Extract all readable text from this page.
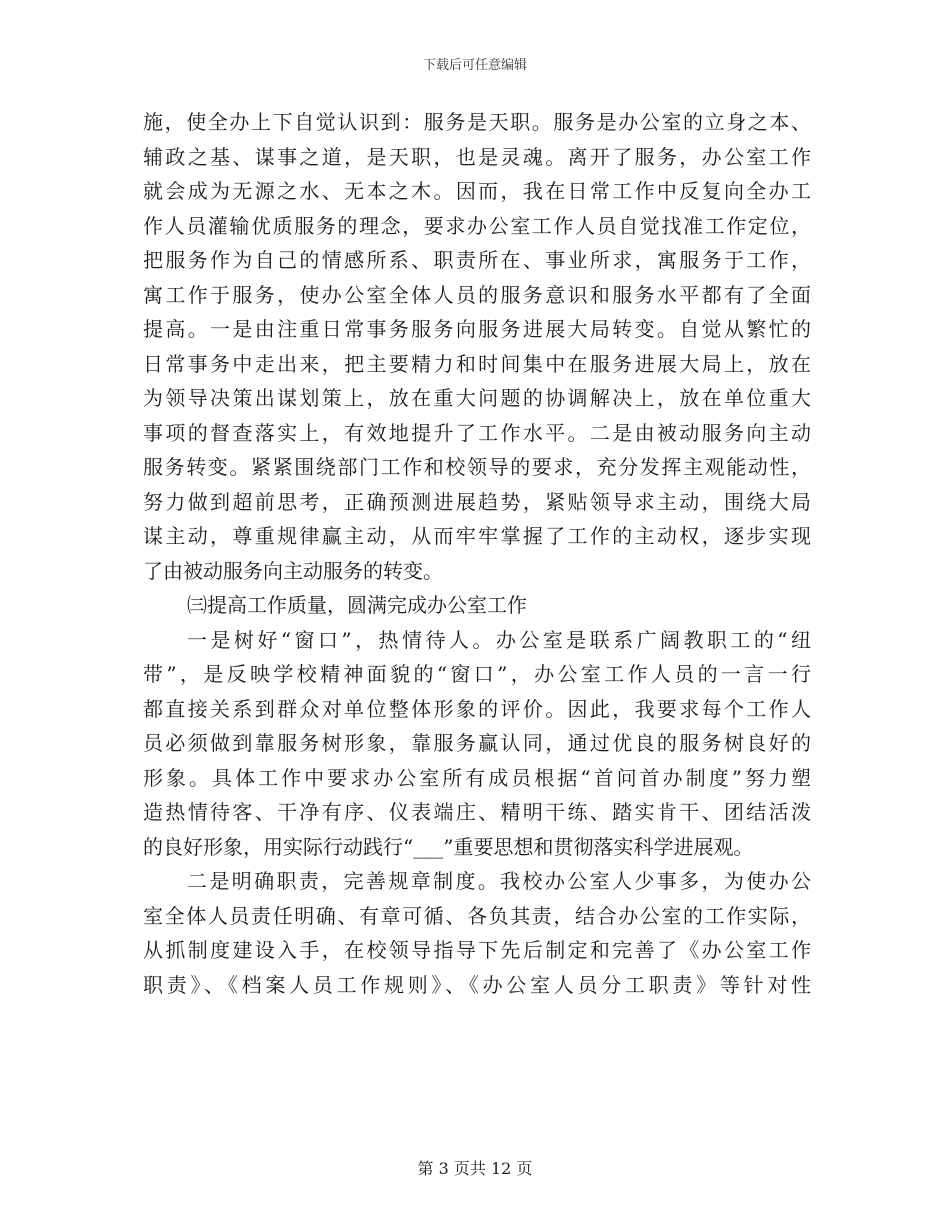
下载后可任意编辑
施，使全办上下自觉认识到：服务是天职。服务是办公室的立身之本、
辅政之基、谋事之道，是天职，也是灵魂。离开了服务，办公室工作
就会成为无源之水、无本之木。因而，我在日常工作中反复向全办工
作人员灌输优质服务的理念，要求办公室工作人员自觉找准工作定位，
把服务作为自己的情感所系、职责所在、事业所求，寓服务于工作，
寓工作于服务，使办公室全体人员的服务意识和服务水平都有了全面
提高。一是由注重日常事务服务向服务进展大局转变。自觉从繁忙的
日常事务中走出来，把主要精力和时间集中在服务进展大局上，放在
为领导决策出谋划策上，放在重大问题的协调解决上，放在单位重大
事项的督查落实上，有效地提升了工作水平。二是由被动服务向主动
服务转变。紧紧围绕部门工作和校领导的要求，充分发挥主观能动性，
努力做到超前思考，正确预测进展趋势，紧贴领导求主动，围绕大局
谋主动，尊重规律赢主动，从而牢牢掌握了工作的主动权，逐步实现
了由被动服务向主动服务的转变。
㈢提高工作质量，圆满完成办公室工作
一是树好“窗口”，热情待人。办公室是联系广阔教职工的“纽
带”，是反映学校精神面貌的“窗口”，办公室工作人员的一言一行
都直接关系到群众对单位整体形象的评价。因此，我要求每个工作人
员必须做到靠服务树形象，靠服务赢认同，通过优良的服务树良好的
形象。具体工作中要求办公室所有成员根据“首问首办制度”努力塑
造热情待客、干净有序、仪表端庄、精明干练、踏实肯干、团结活泼
的良好形象，用实际行动践行“___”重要思想和贯彻落实科学进展观。
二是明确职责，完善规章制度。我校办公室人少事多，为使办公
室全体人员责任明确、有章可循、各负其责，结合办公室的工作实际，
从抓制度建设入手，在校领导指导下先后制定和完善了《办公室工作
职责》、《档案人员工作规则》、《办公室人员分工职责》等针对性
第 3 页共 12 页
